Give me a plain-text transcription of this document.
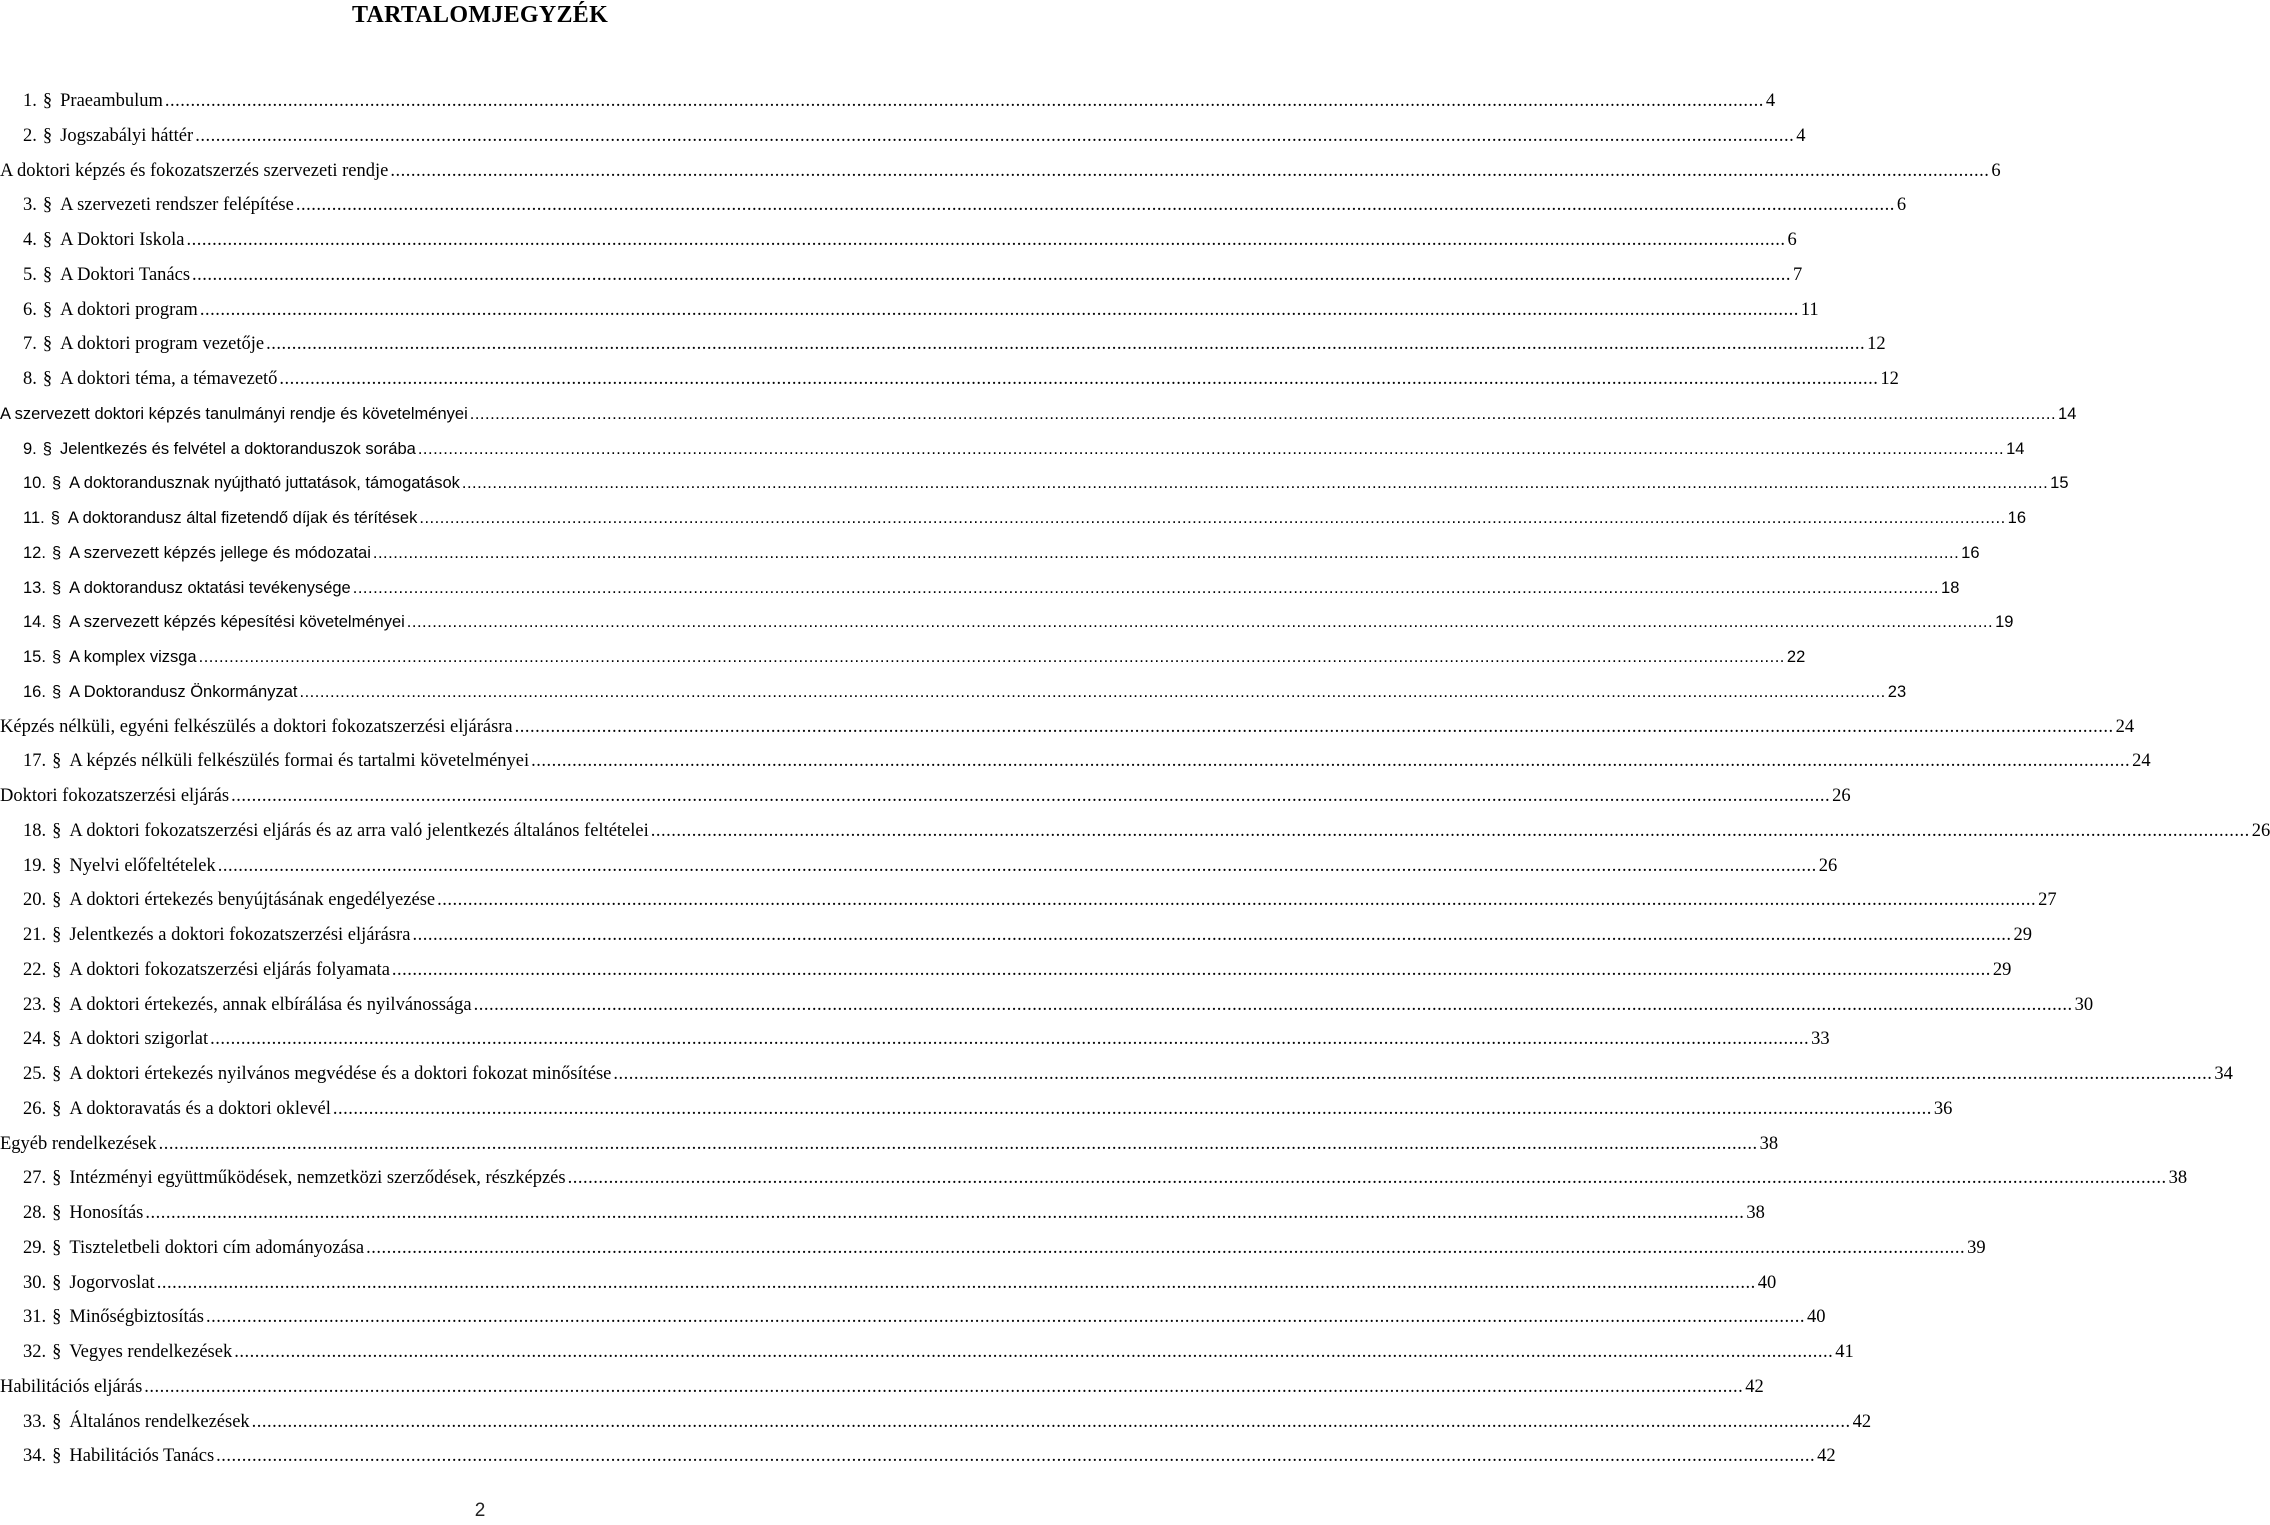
TARTALOMJEGYZÉK
1. § Praeambulum .....	4
2. § Jogszabályi háttér .....	4
A doktori képzés és fokozatszerzés szervezeti rendje .....	6
3. § A szervezeti rendszer felépítése .....	6
4. § A Doktori Iskola .....	6
5. § A Doktori Tanács .....	7
6. § A doktori program .....	11
7. § A doktori program vezetője .....	12
8. § A doktori téma, a témavezető .....	12
A szervezett doktori képzés tanulmányi rendje és követelményei .....	14
9. § Jelentkezés és felvétel a doktoranduszok sorába .....	14
10. § A doktorandusznak nyújtható juttatások, támogatások .....	15
11. § A doktorandusz által fizetendő díjak és térítések .....	16
12. § A szervezett képzés jellege és módozatai .....	16
13. § A doktorandusz oktatási tevékenysége .....	18
14. § A szervezett képzés képesítési követelményei .....	19
15. § A komplex vizsga .....	22
16. § A Doktorandusz Önkormányzat .....	23
Képzés nélküli, egyéni felkészülés a doktori fokozatszerzési eljárásra .....	24
17. § A képzés nélküli felkészülés formai és tartalmi követelményei .....	24
Doktori fokozatszerzési eljárás .....	26
18. § A doktori fokozatszerzési eljárás és az arra való jelentkezés általános feltételei .....	26
19. § Nyelvi előfeltételek .....	26
20. § A doktori értekezés benyújtásának engedélyezése .....	27
21. § Jelentkezés a doktori fokozatszerzési eljárásra .....	29
22. § A doktori fokozatszerzési eljárás folyamata .....	29
23. § A doktori értekezés, annak elbírálása és nyilvánossága .....	30
24. § A doktori szigorlat .....	33
25. § A doktori értekezés nyilvános megvédése és a doktori fokozat minősítése .....	34
26. § A doktoravatás és a doktori oklevél .....	36
Egyéb rendelkezések .....	38
27. § Intézményi együttműködések, nemzetközi szerződések, részképzés .....	38
28. § Honosítás .....	38
29. § Tiszteletbeli doktori cím adományozása .....	39
30. § Jogorvoslat .....	40
31. § Minőségbiztosítás .....	40
32. § Vegyes rendelkezések .....	41
Habilitációs eljárás .....	42
33. § Általános rendelkezések .....	42
34. § Habilitációs Tanács .....	42
2
